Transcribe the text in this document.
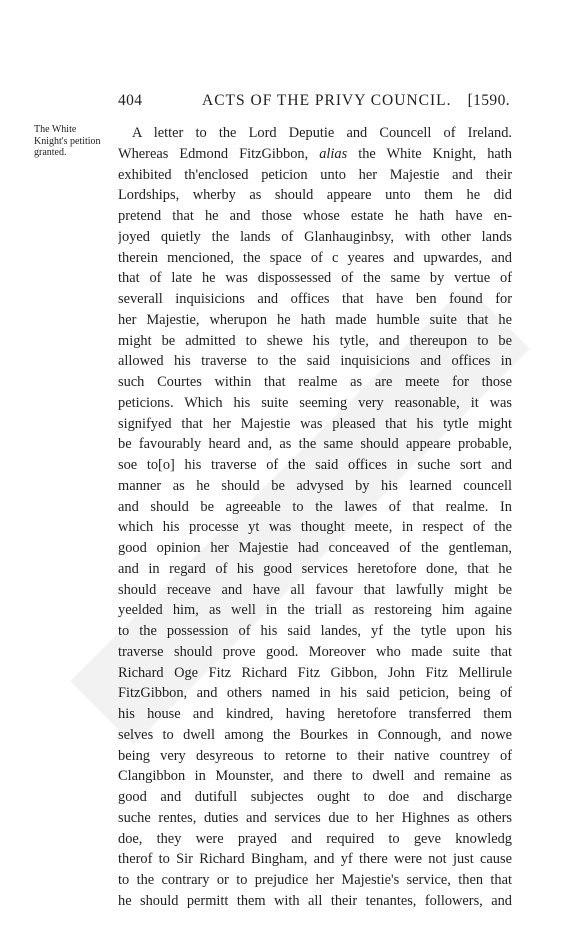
404	ACTS OF THE PRIVY COUNCIL. [1590.
The White Knight's petition granted.
A letter to the Lord Deputie and Councell of Ireland.
Whereas Edmond FitzGibbon, alias the White Knight, hath
exhibited th'enclosed peticion unto her Majestie and their
Lordships, wherby as should appeare unto them he did
pretend that he and those whose estate he hath have en-
joyed quietly the lands of Glanhauginbsy, with other lands
therein mencioned, the space of c yeares and upwardes, and
that of late he was dispossessed of the same by vertue of
severall inquisicions and offices that have ben found for
her Majestie, wherupon he hath made humble suite that he
might be admitted to shewe his tytle, and thereupon to be
allowed his traverse to the said inquisicions and offices in
such Courtes within that realme as are meete for those
peticions. Which his suite seeming very reasonable, it was
signifyed that her Majestie was pleased that his tytle might
be favourably heard and, as the same should appeare probable,
soe to[o] his traverse of the said offices in suche sort and
manner as he should be advysed by his learned councell
and should be agreeable to the lawes of that realme. In
which his processe yt was thought meete, in respect of the
good opinion her Majestie had conceaved of the gentleman,
and in regard of his good services heretofore done, that he
should receave and have all favour that lawfully might be
yeelded him, as well in the triall as restoreing him againe
to the possession of his said landes, yf the tytle upon his
traverse should prove good. Moreover who made suite that
Richard Oge Fitz Richard Fitz Gibbon, John Fitz Mellirule
FitzGibbon, and others named in his said peticion, being of
his house and kindred, having heretofore transferred them
selves to dwell among the Bourkes in Connough, and nowe
being very desyreous to retorne to their native countrey of
Clangibbon in Mounster, and there to dwell and remaine as
good and dutifull subjectes ought to doe and discharge
suche rentes, duties and services due to her Highnes as others
doe, they were prayed and required to geve knowledg
therof to Sir Richard Bingham, and yf there were not just cause
to the contrary or to prejudice her Majestie's service, then that
he should permitt them with all their tenantes, followers, and
